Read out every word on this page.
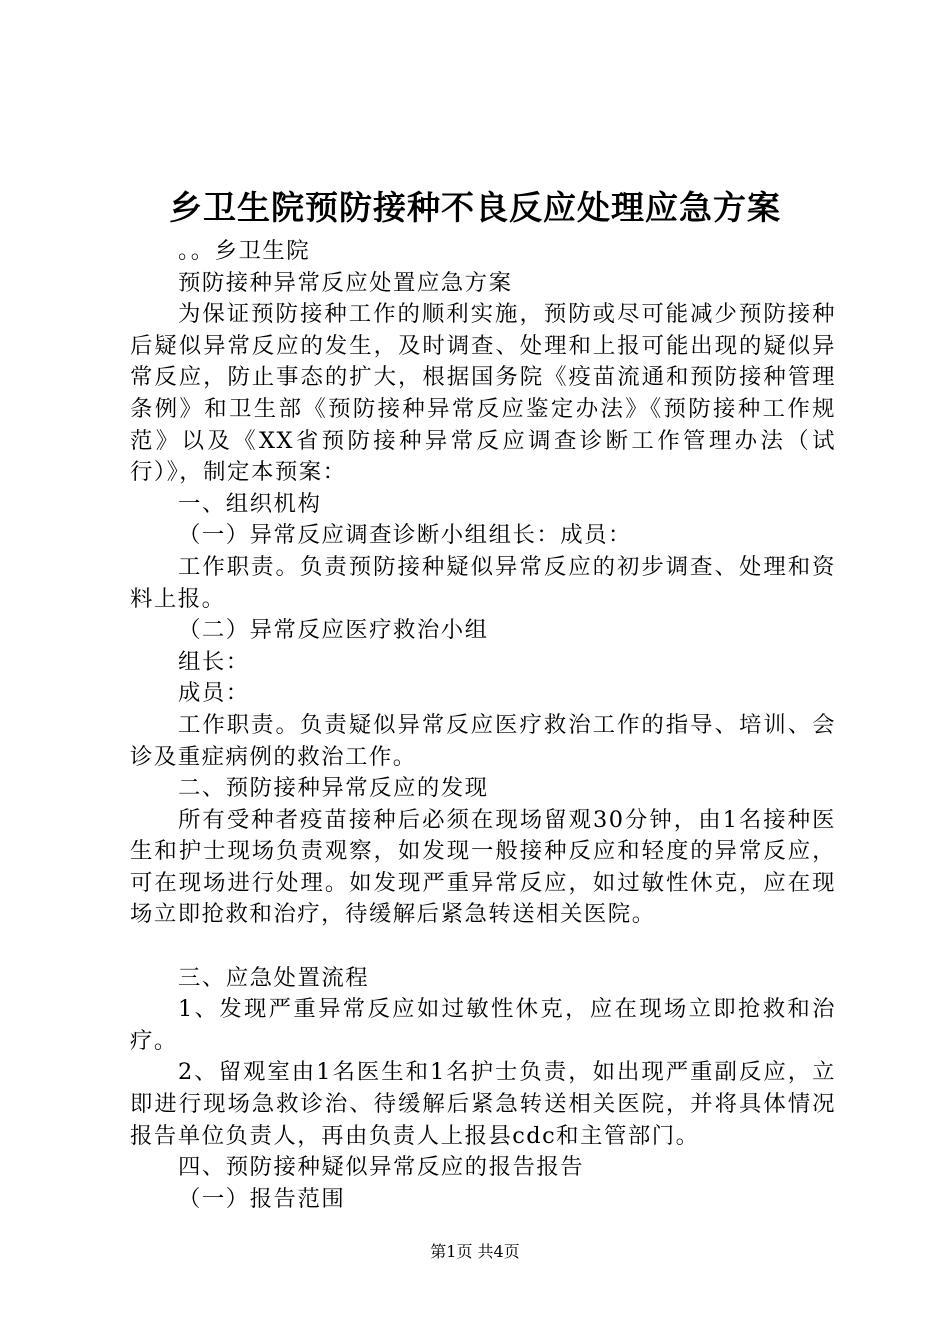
乡卫生院预防接种不良反应处理应急方案

。。乡卫生院

预防接种异常反应处置应急方案

为保证预防接种工作的顺利实施，预防或尽可能减少预防接种后疑似异常反应的发生，及时调查、处理和上报可能出现的疑似异常反应，防止事态的扩大，根据国务院《疫苗流通和预防接种管理条例》和卫生部《预防接种异常反应鉴定办法》《预防接种工作规范》以及《XX省预防接种异常反应调查诊断工作管理办法（试行）》，制定本预案：

一、组织机构

（一）异常反应调查诊断小组组长：成员：

工作职责。负责预防接种疑似异常反应的初步调查、处理和资料上报。

（二）异常反应医疗救治小组

组长：

成员：

工作职责。负责疑似异常反应医疗救治工作的指导、培训、会诊及重症病例的救治工作。

二、预防接种异常反应的发现

所有受种者疫苗接种后必须在现场留观30分钟，由1名接种医生和护士现场负责观察，如发现一般接种反应和轻度的异常反应，可在现场进行处理。如发现严重异常反应，如过敏性休克，应在现场立即抢救和治疗，待缓解后紧急转送相关医院。

三、应急处置流程

1、发现严重异常反应如过敏性休克，应在现场立即抢救和治疗。

2、留观室由1名医生和1名护士负责，如出现严重副反应，立即进行现场急救诊治、待缓解后紧急转送相关医院，并将具体情况报告单位负责人，再由负责人上报县cdc和主管部门。

四、预防接种疑似异常反应的报告报告

（一）报告范围

第1页 共4页
